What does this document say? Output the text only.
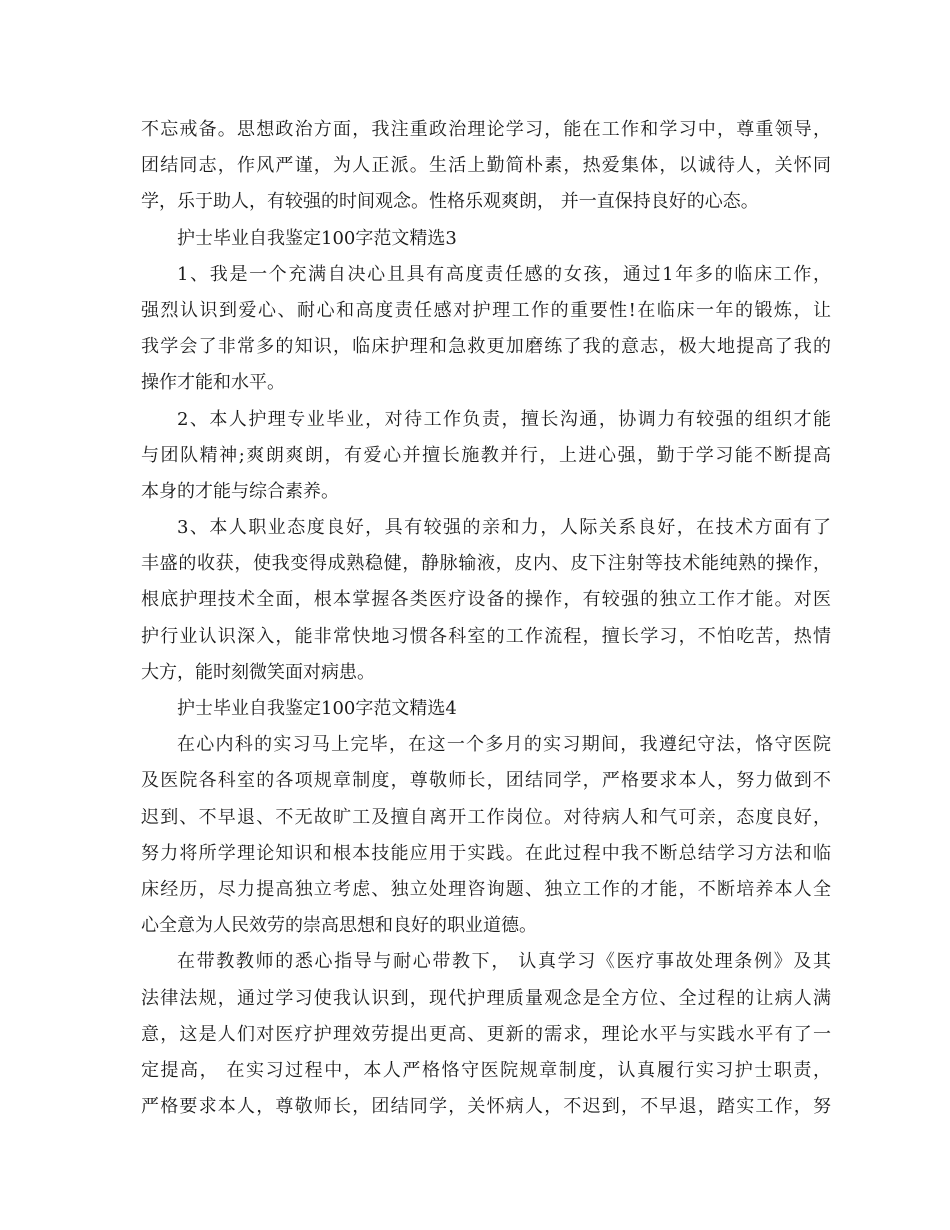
不忘戒备。思想政治方面，我注重政治理论学习，能在工作和学习中，尊重领导，
团结同志，作风严谨，为人正派。生活上勤简朴素，热爱集体，以诚待人，关怀同
学，乐于助人，有较强的时间观念。性格乐观爽朗， 并一直保持良好的心态。
护士毕业自我鉴定100字范文精选3
1、我是一个充满自决心且具有高度责任感的女孩，通过1年多的临床工作，
强烈认识到爱心、耐心和高度责任感对护理工作的重要性!在临床一年的锻炼，让
我学会了非常多的知识，临床护理和急救更加磨练了我的意志，极大地提高了我的
操作才能和水平。
2、本人护理专业毕业，对待工作负责，擅长沟通，协调力有较强的组织才能
与团队精神;爽朗爽朗，有爱心并擅长施教并行，上进心强，勤于学习能不断提高
本身的才能与综合素养。
3、本人职业态度良好，具有较强的亲和力，人际关系良好，在技术方面有了
丰盛的收获，使我变得成熟稳健，静脉输液，皮内、皮下注射等技术能纯熟的操作，
根底护理技术全面，根本掌握各类医疗设备的操作，有较强的独立工作才能。对医
护行业认识深入，能非常快地习惯各科室的工作流程，擅长学习，不怕吃苦，热情
大方，能时刻微笑面对病患。
护士毕业自我鉴定100字范文精选4
在心内科的实习马上完毕，在这一个多月的实习期间，我遵纪守法，恪守医院
及医院各科室的各项规章制度，尊敬师长，团结同学，严格要求本人，努力做到不
迟到、不早退、不无故旷工及擅自离开工作岗位。对待病人和气可亲，态度良好，
努力将所学理论知识和根本技能应用于实践。在此过程中我不断总结学习方法和临
床经历，尽力提高独立考虑、独立处理咨询题、独立工作的才能，不断培养本人全
心全意为人民效劳的崇高思想和良好的职业道德。
在带教教师的悉心指导与耐心带教下， 认真学习《医疗事故处理条例》及其
法律法规，通过学习使我认识到，现代护理质量观念是全方位、全过程的让病人满
意，这是人们对医疗护理效劳提出更高、更新的需求，理论水平与实践水平有了一
定提高， 在实习过程中，本人严格恪守医院规章制度，认真履行实习护士职责，
严格要求本人，尊敬师长，团结同学，关怀病人，不迟到，不早退，踏实工作，努
